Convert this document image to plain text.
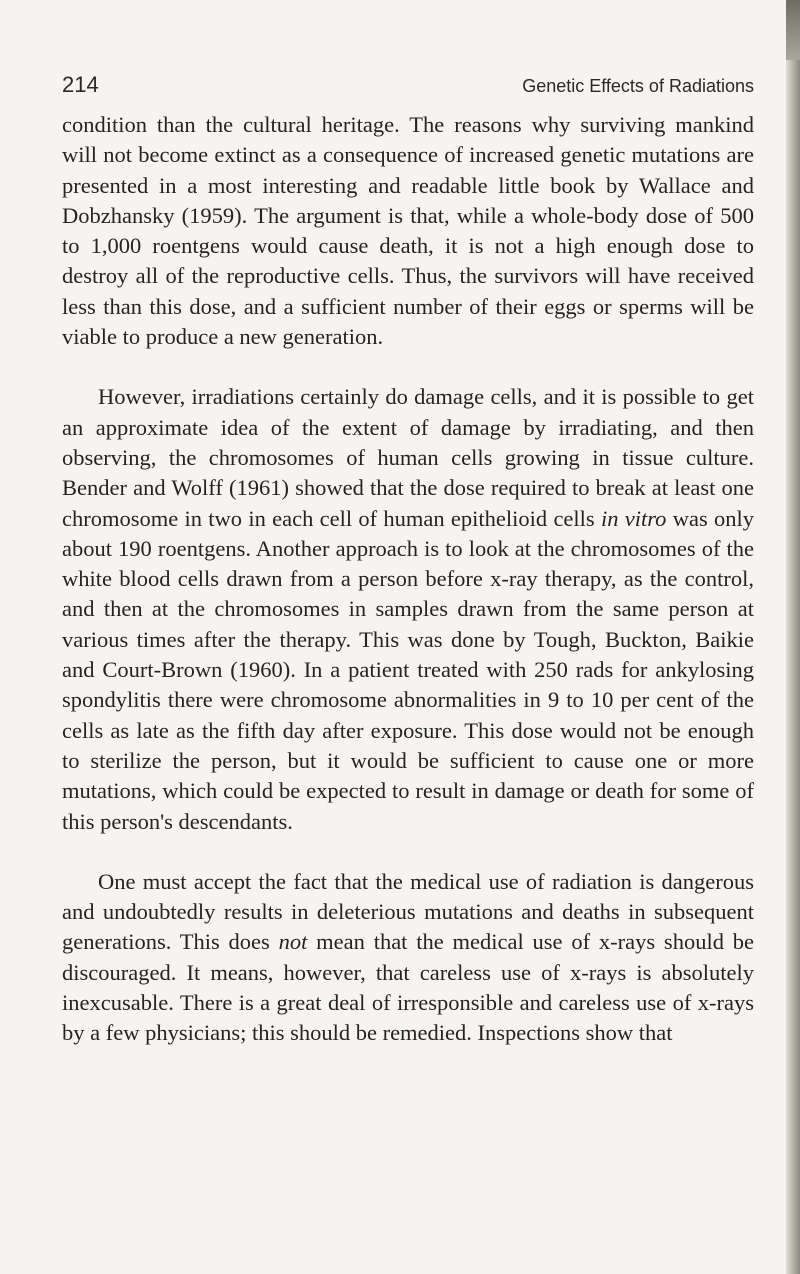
214	Genetic Effects of Radiations

condition than the cultural heritage. The reasons why surviving mankind will not become extinct as a consequence of increased genetic mutations are presented in a most interesting and readable little book by Wallace and Dobzhansky (1959). The argument is that, while a whole-body dose of 500 to 1,000 roentgens would cause death, it is not a high enough dose to destroy all of the reproductive cells. Thus, the survivors will have received less than this dose, and a sufficient number of their eggs or sperms will be viable to produce a new generation.

However, irradiations certainly do damage cells, and it is possible to get an approximate idea of the extent of damage by irradiating, and then observing, the chromosomes of human cells growing in tissue culture. Bender and Wolff (1961) showed that the dose required to break at least one chromosome in two in each cell of human epithelioid cells in vitro was only about 190 roentgens. Another approach is to look at the chromosomes of the white blood cells drawn from a person before x-ray therapy, as the control, and then at the chromosomes in samples drawn from the same person at various times after the therapy. This was done by Tough, Buckton, Baikie and Court-Brown (1960). In a patient treated with 250 rads for ankylosing spondylitis there were chromosome abnormalities in 9 to 10 per cent of the cells as late as the fifth day after exposure. This dose would not be enough to sterilize the person, but it would be sufficient to cause one or more mutations, which could be expected to result in damage or death for some of this person's descendants.

One must accept the fact that the medical use of radiation is dangerous and undoubtedly results in deleterious mutations and deaths in subsequent generations. This does not mean that the medical use of x-rays should be discouraged. It means, however, that careless use of x-rays is absolutely inexcusable. There is a great deal of irresponsible and careless use of x-rays by a few physicians; this should be remedied. Inspections show that
